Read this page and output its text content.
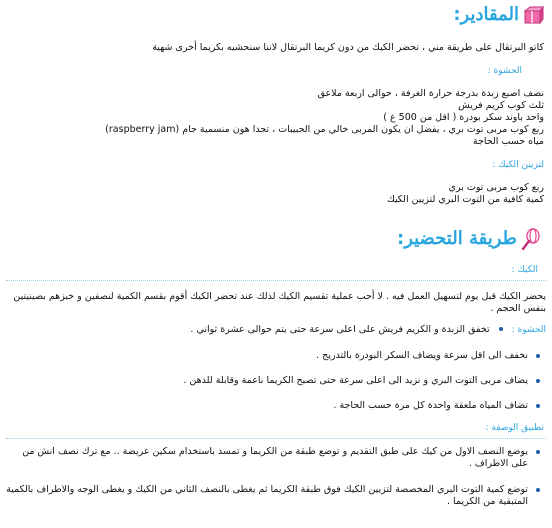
المقادير
:

كاتو البرتقال على طريقة مني ، تحضر الكيك من دون كريما البرتقال لاننا سنحشيه بكريما أخرى شهية

الحشوة :

نصف اصبع زبدة بدرجة حرارة الغرفة ، حوالى اربعة ملاعق

ثلث كوب كريم فريش

واحد باوند سكر بودرة ( اقل من 500 غ )

ربع كوب مربى توت بري ، يفضل ان يكون المربى خالي من الحبيبات ، تجدا هون منسمية جام (raspberry jam)

مياه حسب الحاجة

لتزيين الكيك :

ربع كوب مربى توت بري

كمية كافية من التوت البري لتزيين الكيك

طريقة التحضير
:

الكيك :

يحضر الكيك قبل يوم لتسهيل العمل فيه . لا أحب عملية تقسيم الكيك لذلك عند تحضر الكيك أقوم بقسم الكمية لنصفين و خبزهم بصينيتين بنفس الحجم .

الحشوة :  تخفق الزبدة و الكريم فريش على اعلى سرعة حتى يتم حوالى عشرة ثواني .
نخفف الى اقل سرعة ويضاف السكر البودرة بالتدريج .
يضاف مربى التوت البري و نزيد الى اعلى سرعة حتى تصبح الكريما ناعمة وقابلة للدهن .
تضاف المياه ملعقة واحدة كل مرة حسب الحاجة .

تطبيق الوصفة :

يوضع النصف الاول من كيك على طبق التقديم و توضع طبقة من الكريما و تمسد باستخدام سكين عريضة .. مع ترك نصف انش من على الاطراف .
توضع كمية التوت البري المخصصة لتزيين الكيك فوق طبقة الكريما ثم يغطى بالنصف الثاني من الكيك و يغطى الوجه والاطراف بالكمية المتبقية من الكريما .
